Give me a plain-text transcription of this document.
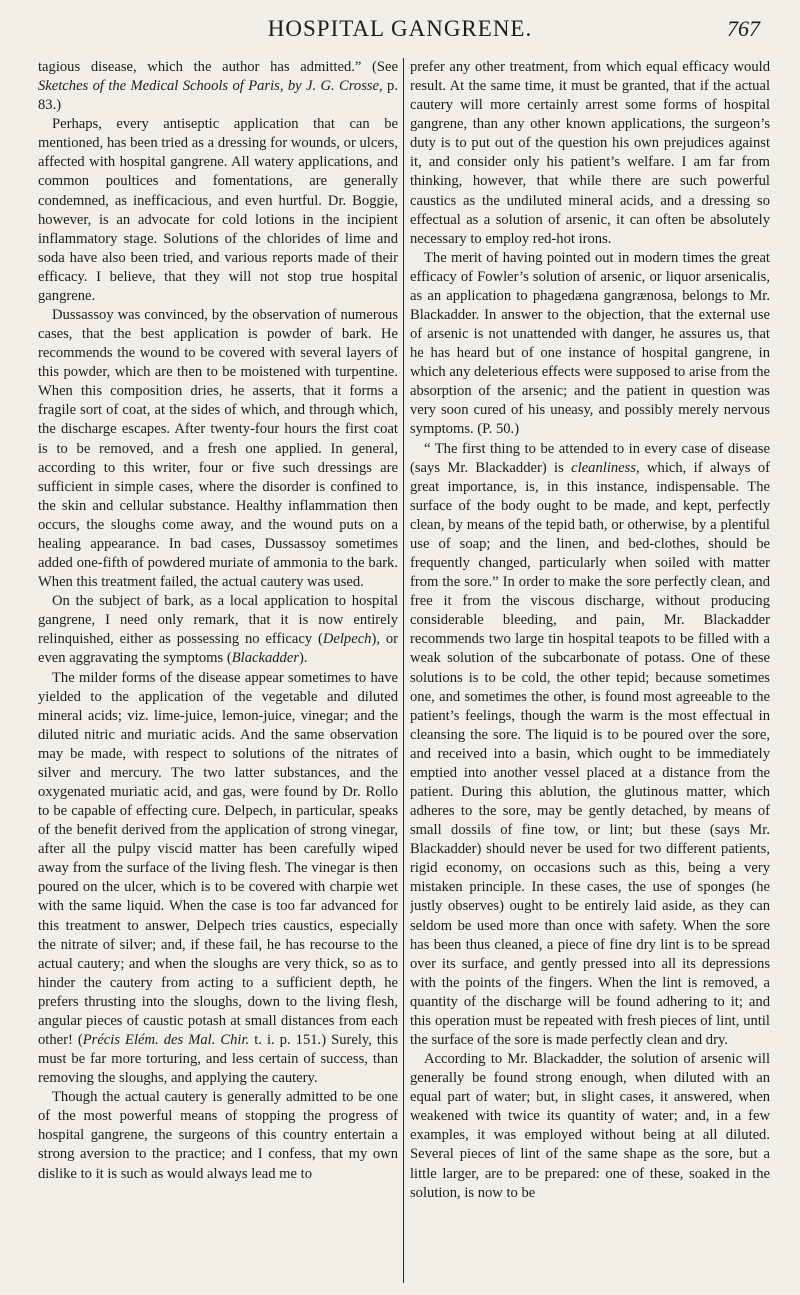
HOSPITAL GANGRENE.	767

tagious disease, which the author has admitted.” (See Sketches of the Medical Schools of Paris, by J. G. Crosse, p. 83.)

Perhaps, every antiseptic application that can be mentioned, has been tried as a dressing for wounds, or ulcers, affected with hospital gangrene. All watery applications, and common poultices and fomentations, are generally condemned, as inefficacious, and even hurtful. Dr. Boggie, however, is an advocate for cold lotions in the incipient inflammatory stage. Solutions of the chlorides of lime and soda have also been tried, and various reports made of their efficacy. I believe, that they will not stop true hospital gangrene.

Dussassoy was convinced, by the observation of numerous cases, that the best application is powder of bark. He recommends the wound to be covered with several layers of this powder, which are then to be moistened with turpentine. When this composition dries, he asserts, that it forms a fragile sort of coat, at the sides of which, and through which, the discharge escapes. After twenty-four hours the first coat is to be removed, and a fresh one applied. In general, according to this writer, four or five such dressings are sufficient in simple cases, where the disorder is confined to the skin and cellular substance. Healthy inflammation then occurs, the sloughs come away, and the wound puts on a healing appearance. In bad cases, Dussassoy sometimes added one-fifth of powdered muriate of ammonia to the bark. When this treatment failed, the actual cautery was used.

On the subject of bark, as a local application to hospital gangrene, I need only remark, that it is now entirely relinquished, either as possessing no efficacy (Delpech), or even aggravating the symptoms (Blackadder).

The milder forms of the disease appear sometimes to have yielded to the application of the vegetable and diluted mineral acids; viz. lime-juice, lemon-juice, vinegar; and the diluted nitric and muriatic acids. And the same observation may be made, with respect to solutions of the nitrates of silver and mercury. The two latter substances, and the oxygenated muriatic acid, and gas, were found by Dr. Rollo to be capable of effecting cure. Delpech, in particular, speaks of the benefit derived from the application of strong vinegar, after all the pulpy viscid matter has been carefully wiped away from the surface of the living flesh. The vinegar is then poured on the ulcer, which is to be covered with charpie wet with the same liquid. When the case is too far advanced for this treatment to answer, Delpech tries caustics, especially the nitrate of silver; and, if these fail, he has recourse to the actual cautery; and when the sloughs are very thick, so as to hinder the cautery from acting to a sufficient depth, he prefers thrusting into the sloughs, down to the living flesh, angular pieces of caustic potash at small distances from each other! (Précis Elém. des Mal. Chir. t. i. p. 151.) Surely, this must be far more torturing, and less certain of success, than removing the sloughs, and applying the cautery.

Though the actual cautery is generally admitted to be one of the most powerful means of stopping the progress of hospital gangrene, the surgeons of this country entertain a strong aversion to the practice; and I confess, that my own dislike to it is such as would always lead me to

prefer any other treatment, from which equal efficacy would result. At the same time, it must be granted, that if the actual cautery will more certainly arrest some forms of hospital gangrene, than any other known applications, the surgeon’s duty is to put out of the question his own prejudices against it, and consider only his patient’s welfare. I am far from thinking, however, that while there are such powerful caustics as the undiluted mineral acids, and a dressing so effectual as a solution of arsenic, it can often be absolutely necessary to employ red-hot irons.

The merit of having pointed out in modern times the great efficacy of Fowler’s solution of arsenic, or liquor arsenicalis, as an application to phagedæna gangrænosa, belongs to Mr. Blackadder. In answer to the objection, that the external use of arsenic is not unattended with danger, he assures us, that he has heard but of one instance of hospital gangrene, in which any deleterious effects were supposed to arise from the absorption of the arsenic; and the patient in question was very soon cured of his uneasy, and possibly merely nervous symptoms. (P. 50.)

“ The first thing to be attended to in every case of disease (says Mr. Blackadder) is cleanliness, which, if always of great importance, is, in this instance, indispensable. The surface of the body ought to be made, and kept, perfectly clean, by means of the tepid bath, or otherwise, by a plentiful use of soap; and the linen, and bed-clothes, should be frequently changed, particularly when soiled with matter from the sore.” In order to make the sore perfectly clean, and free it from the viscous discharge, without producing considerable bleeding, and pain, Mr. Blackadder recommends two large tin hospital teapots to be filled with a weak solution of the subcarbonate of potass. One of these solutions is to be cold, the other tepid; because sometimes one, and sometimes the other, is found most agreeable to the patient’s feelings, though the warm is the most effectual in cleansing the sore. The liquid is to be poured over the sore, and received into a basin, which ought to be immediately emptied into another vessel placed at a distance from the patient. During this ablution, the glutinous matter, which adheres to the sore, may be gently detached, by means of small dossils of fine tow, or lint; but these (says Mr. Blackadder) should never be used for two different patients, rigid economy, on occasions such as this, being a very mistaken principle. In these cases, the use of sponges (he justly observes) ought to be entirely laid aside, as they can seldom be used more than once with safety. When the sore has been thus cleaned, a piece of fine dry lint is to be spread over its surface, and gently pressed into all its depressions with the points of the fingers. When the lint is removed, a quantity of the discharge will be found adhering to it; and this operation must be repeated with fresh pieces of lint, until the surface of the sore is made perfectly clean and dry.

According to Mr. Blackadder, the solution of arsenic will generally be found strong enough, when diluted with an equal part of water; but, in slight cases, it answered, when weakened with twice its quantity of water; and, in a few examples, it was employed without being at all diluted. Several pieces of lint of the same shape as the sore, but a little larger, are to be prepared: one of these, soaked in the solution, is now to be
